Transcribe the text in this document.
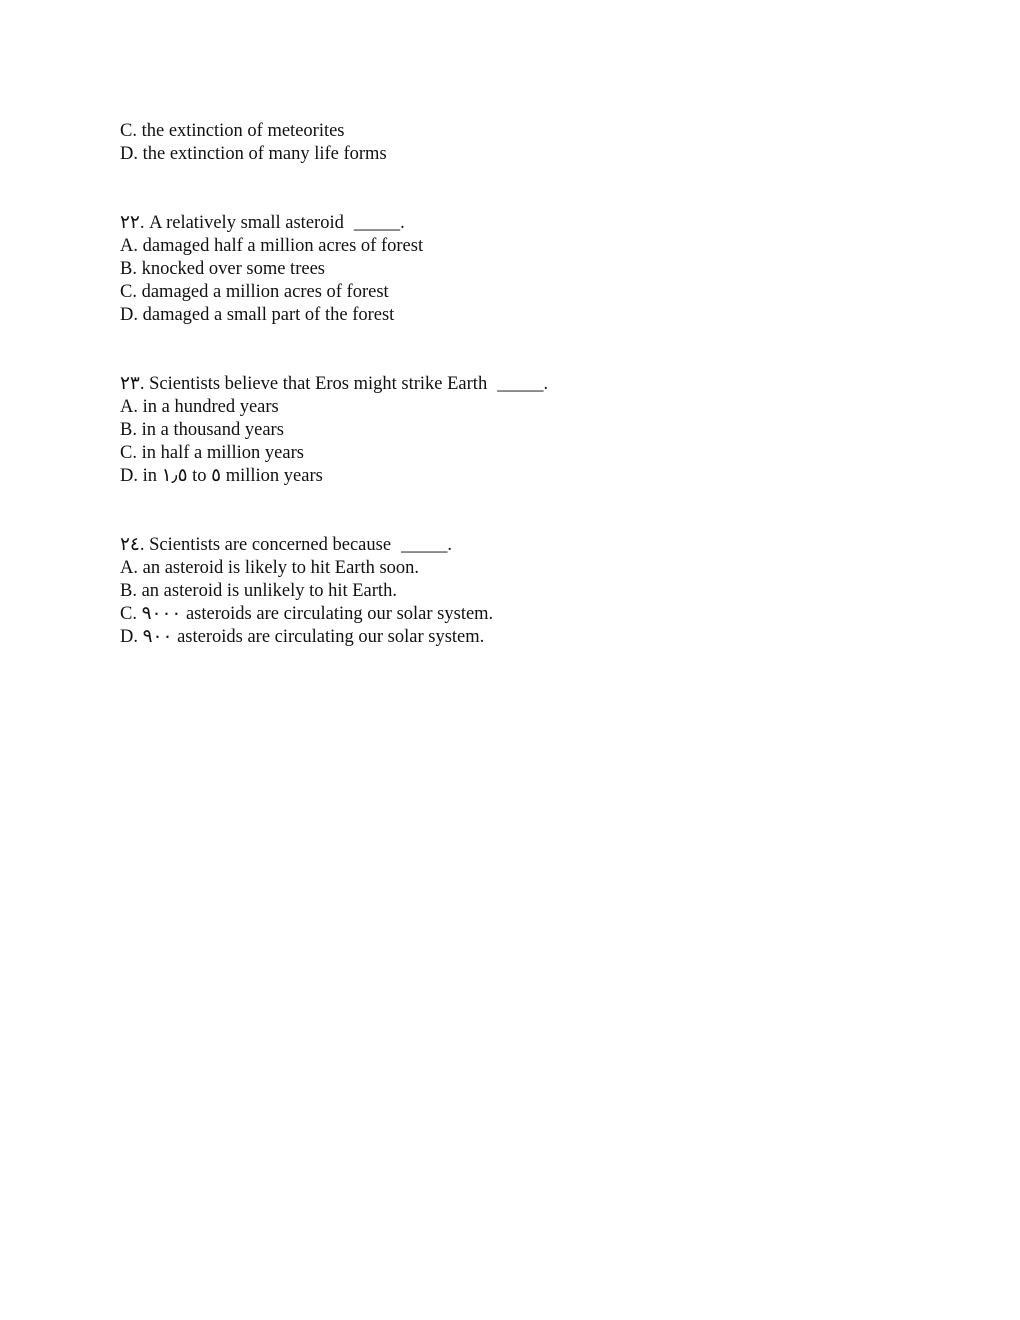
C. the extinction of meteorites
D. the extinction of many life forms
٢٢. A relatively small asteroid _____.
A. damaged half a million acres of forest
B. knocked over some trees
C. damaged a million acres of forest
D. damaged a small part of the forest
٢٣. Scientists believe that Eros might strike Earth _____.
A. in a hundred years
B. in a thousand years
C. in half a million years
D. in ١٫٥ to ٥ million years
٢٤. Scientists are concerned because _____.
A. an asteroid is likely to hit Earth soon.
B. an asteroid is unlikely to hit Earth.
C. ٩٠٠٠ asteroids are circulating our solar system.
D. ٩٠٠ asteroids are circulating our solar system.
